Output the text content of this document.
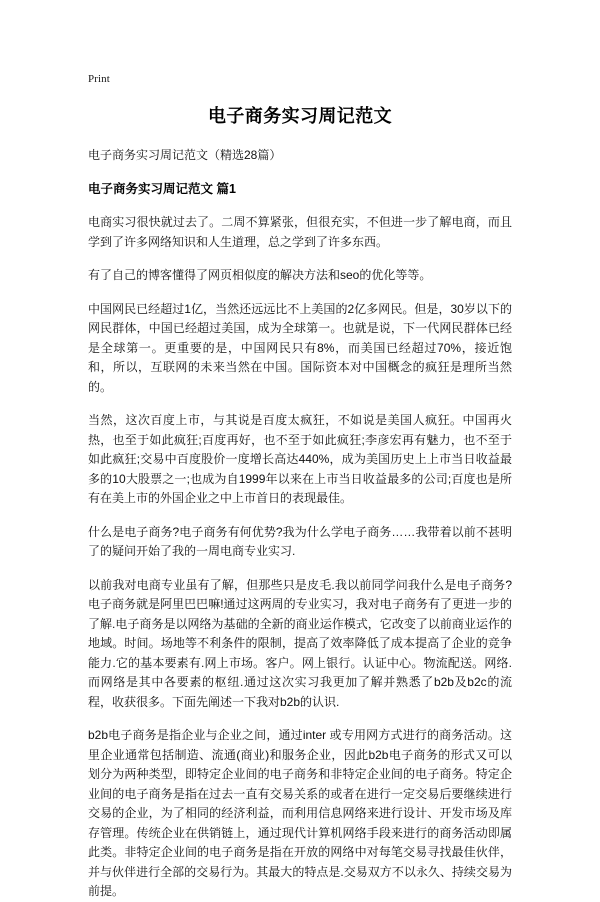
Print
电子商务实习周记范文
电子商务实习周记范文（精选28篇）
电子商务实习周记范文 篇1
电商实习很快就过去了。二周不算紧张，但很充实，不但进一步了解电商，而且学到了许多网络知识和人生道理，总之学到了许多东西。
有了自己的博客懂得了网页相似度的解决方法和seo的优化等等。
中国网民已经超过1亿，当然还远远比不上美国的2亿多网民。但是，30岁以下的网民群体，中国已经超过美国，成为全球第一。也就是说，下一代网民群体已经是全球第一。更重要的是，中国网民只有8%，而美国已经超过70%，接近饱和，所以，互联网的未来当然在中国。国际资本对中国概念的疯狂是理所当然的。
当然，这次百度上市，与其说是百度太疯狂，不如说是美国人疯狂。中国再火热，也至于如此疯狂;百度再好，也不至于如此疯狂;李彦宏再有魅力，也不至于如此疯狂;交易中百度股价一度增长高达440%，成为美国历史上上市当日收益最多的10大股票之一;也成为自1999年以来在上市当日收益最多的公司;百度也是所有在美上市的外国企业之中上市首日的表现最佳。
什么是电子商务?电子商务有何优势?我为什么学电子商务……我带着以前不甚明了的疑问开始了我的一周电商专业实习.
以前我对电商专业虽有了解，但那些只是皮毛.我以前同学问我什么是电子商务?电子商务就是阿里巴巴嘛!通过这两周的专业实习，我对电子商务有了更进一步的了解.电子商务是以网络为基础的全新的商业运作模式，它改变了以前商业运作的地域。时间。场地等不利条件的限制，提高了效率降低了成本提高了企业的竞争能力.它的基本要素有.网上市场。客户。网上银行。认证中心。物流配送。网络.而网络是其中各要素的枢纽.通过这次实习我更加了解并熟悉了b2b及b2c的流程，收获很多。下面先阐述一下我对b2b的认识.
b2b电子商务是指企业与企业之间，通过inter 或专用网方式进行的商务活动。这里企业通常包括制造、流通(商业)和服务企业，因此b2b电子商务的形式又可以划分为两种类型，即特定企业间的电子商务和非特定企业间的电子商务。特定企业间的电子商务是指在过去一直有交易关系的或者在进行一定交易后要继续进行交易的企业，为了相同的经济利益，而利用信息网络来进行设计、开发市场及库存管理。传统企业在供销链上，通过现代计算机网络手段来进行的商务活动即属此类。非特定企业间的电子商务是指在开放的网络中对每笔交易寻找最佳伙伴，并与伙伴进行全部的交易行为。其最大的特点是.交易双方不以永久、持续交易为前提。
